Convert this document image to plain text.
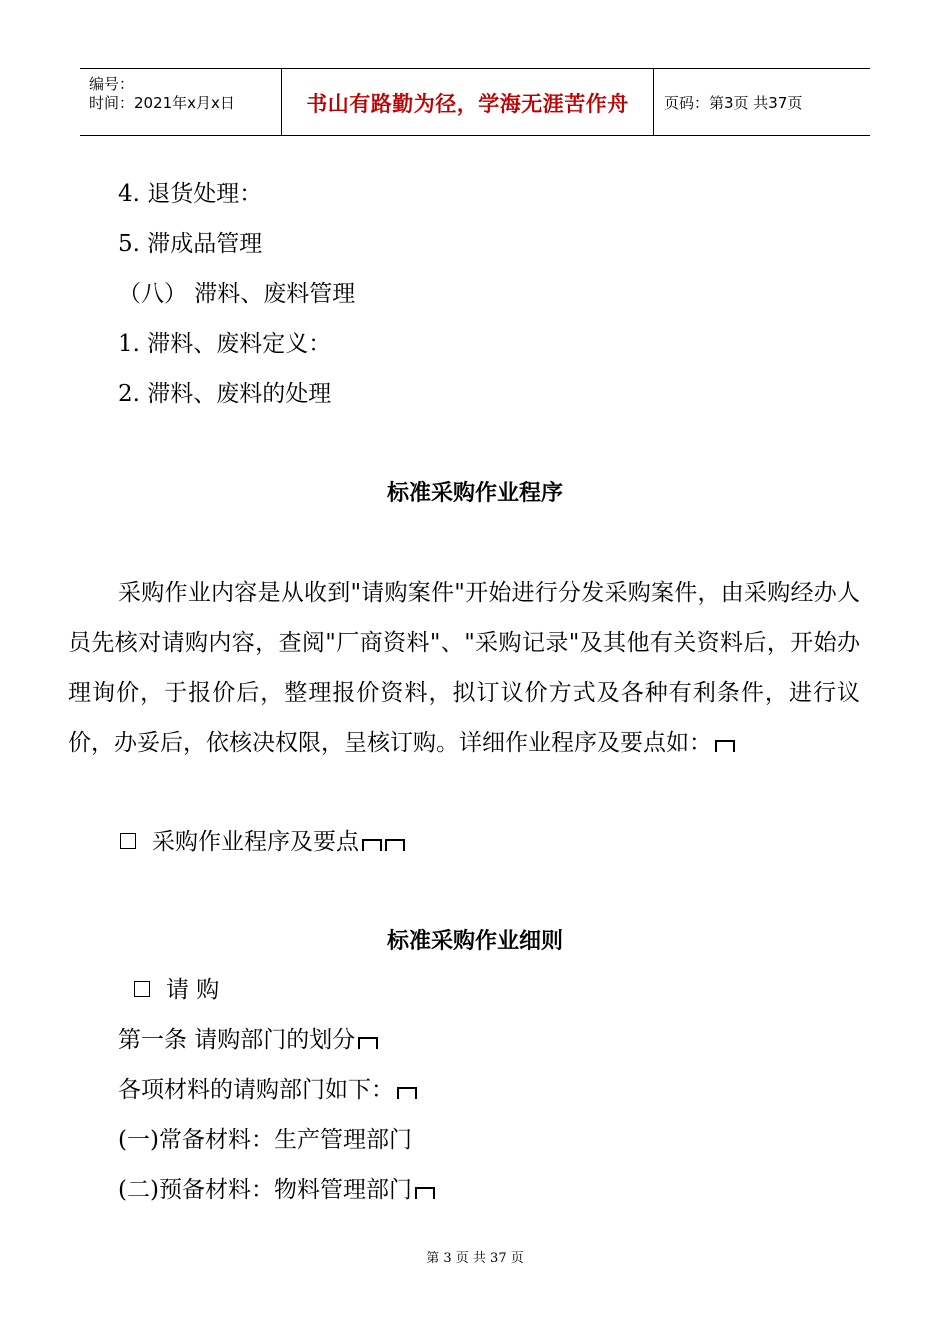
编号：
时间：2021年x月x日	书山有路勤为径，学海无涯苦作舟 页码：第3页 共37页
4. 退货处理：
5. 滞成品管理
（八） 滞料、废料管理
1. 滞料、废料定义：
2. 滞料、废料的处理
标准采购作业程序
采购作业内容是从收到"请购案件"开始进行分发采购案件，由采购经办人员先核对请购内容，查阅"厂商资料"、"采购记录"及其他有关资料后，开始办理询价，于报价后，整理报价资料，拟订议价方式及各种有利条件，进行议价，办妥后，依核决权限，呈核订购。详细作业程序及要点如：
采购作业程序及要点
标准采购作业细则
请 购
第一条 请购部门的划分
各项材料的请购部门如下：
(一)常备材料：生产管理部门
(二)预备材料：物料管理部门
第 3 页 共 37 页
